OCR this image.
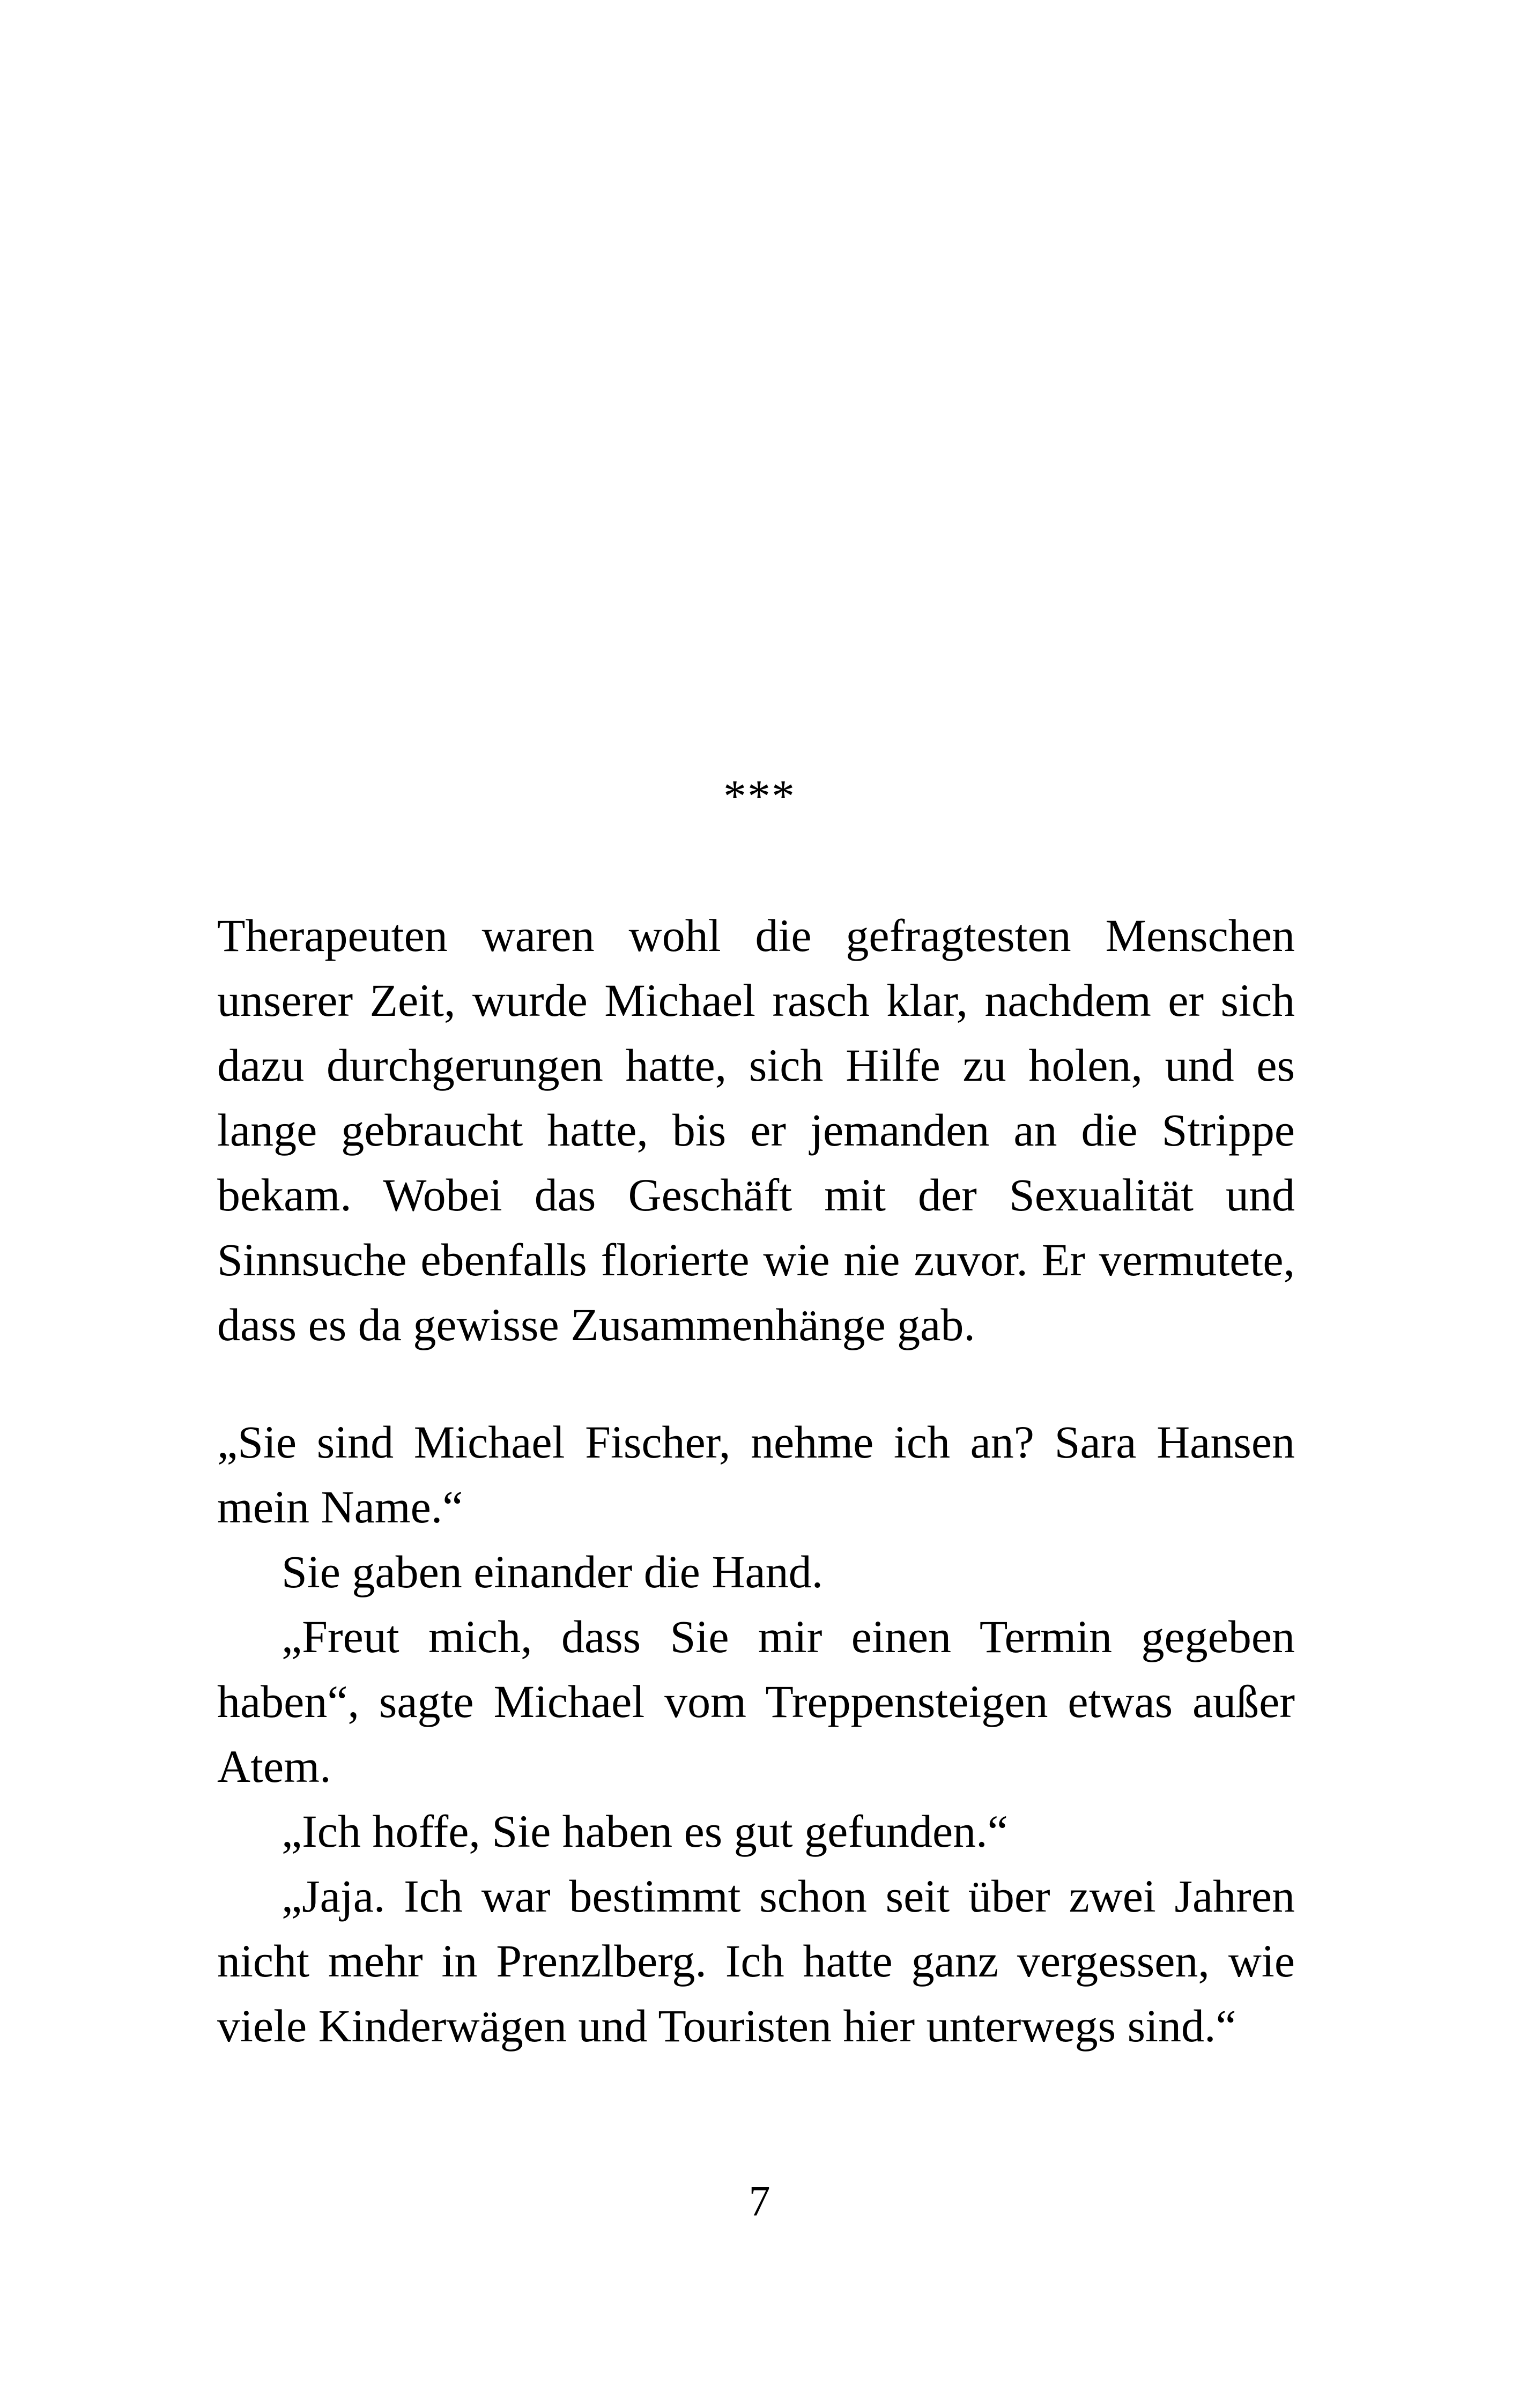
***

Therapeuten waren wohl die gefragtesten Menschen unserer Zeit, wurde Michael rasch klar, nachdem er sich dazu durchgerungen hatte, sich Hilfe zu holen, und es lange gebraucht hatte, bis er jemanden an die Strippe bekam. Wobei das Geschäft mit der Sexualität und Sinnsuche ebenfalls florierte wie nie zuvor. Er vermutete, dass es da gewisse Zusammenhänge gab.

„Sie sind Michael Fischer, nehme ich an? Sara Hansen mein Name.“

Sie gaben einander die Hand.

„Freut mich, dass Sie mir einen Termin gegeben haben“, sagte Michael vom Treppensteigen etwas außer Atem.

„Ich hoffe, Sie haben es gut gefunden.“

„Jaja. Ich war bestimmt schon seit über zwei Jahren nicht mehr in Prenzlberg. Ich hatte ganz vergessen, wie viele Kinderwägen und Touristen hier unterwegs sind.“

7
